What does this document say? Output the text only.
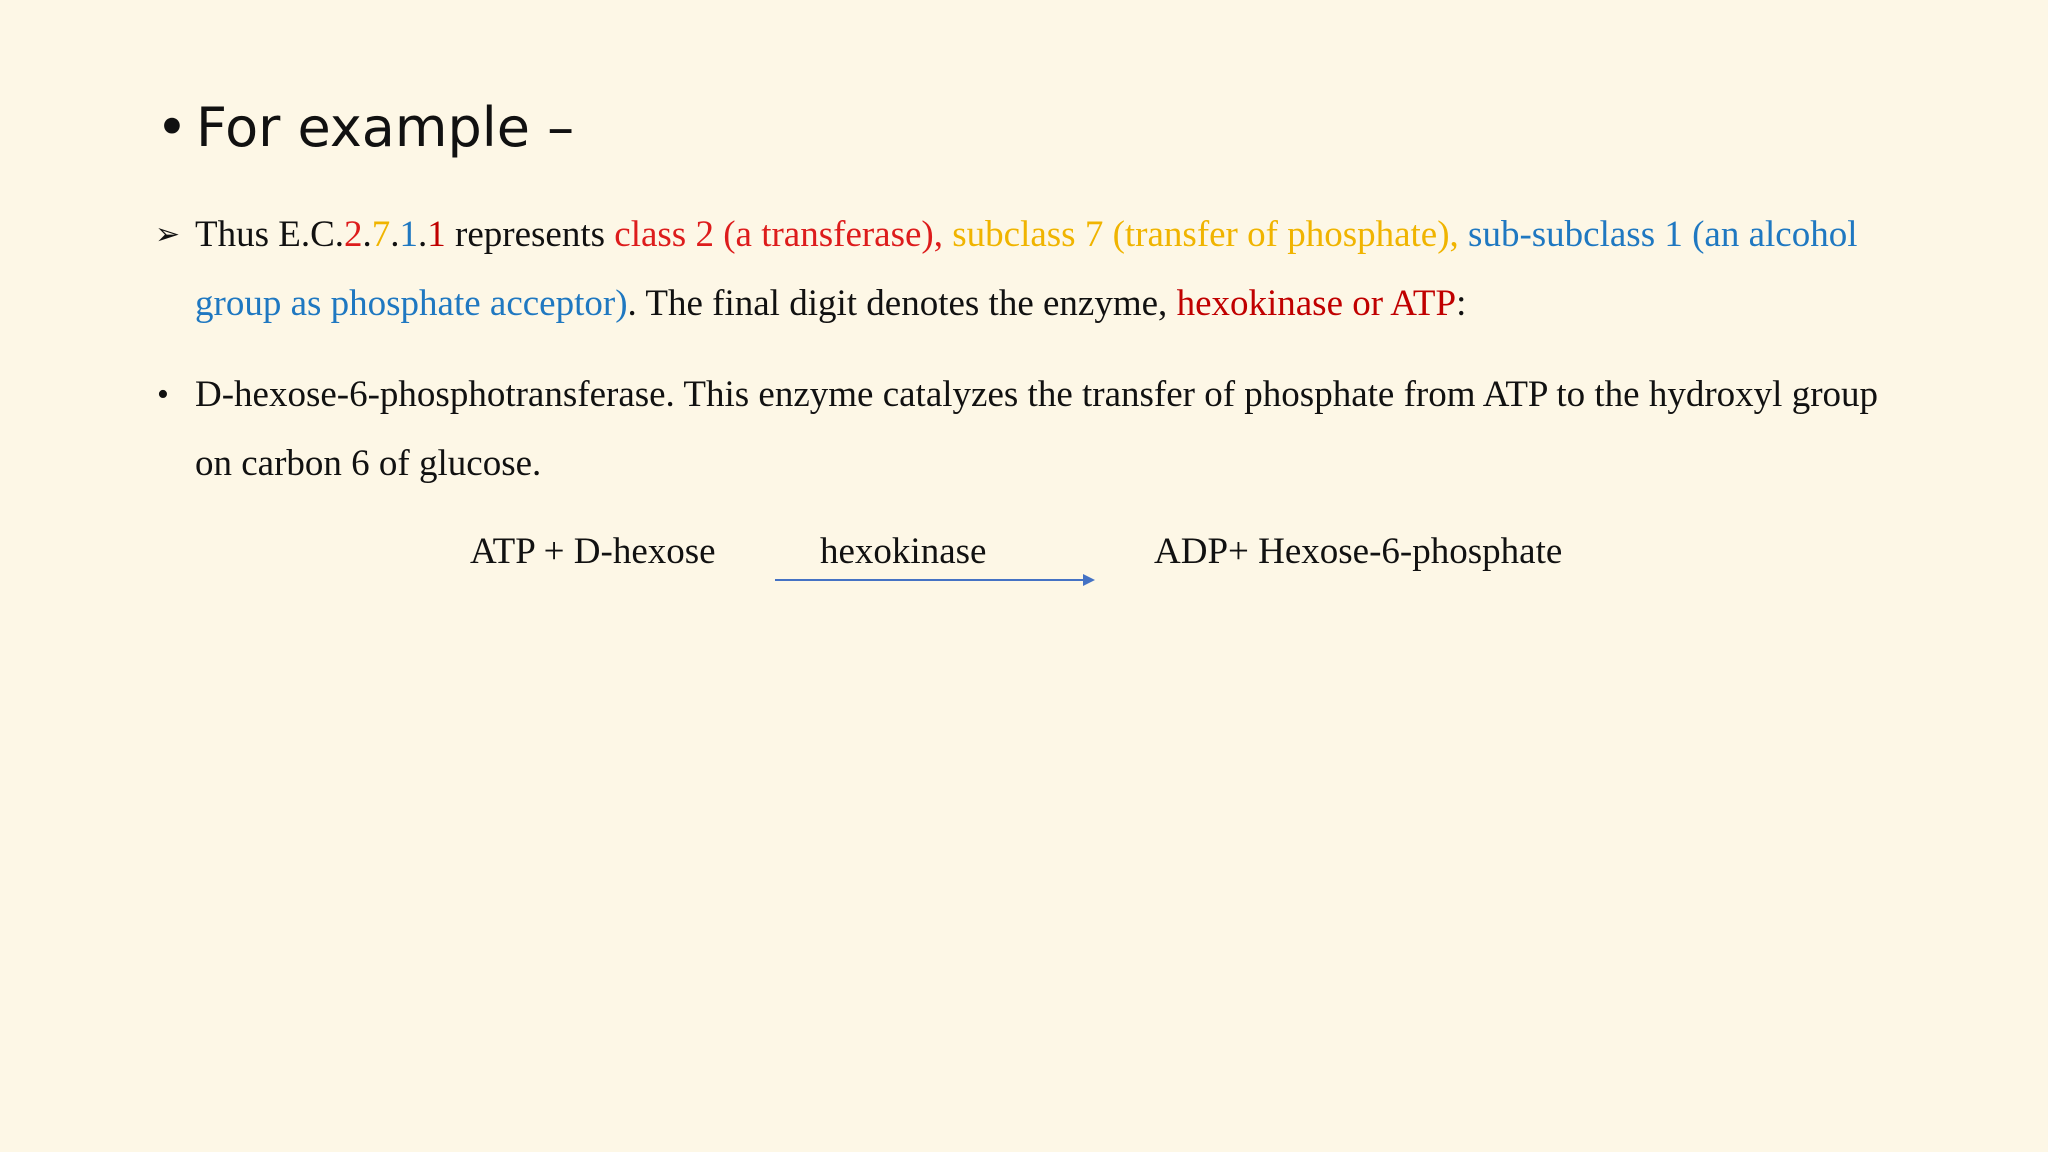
• For example –
➢ Thus E.C.2.7.1.1 represents class 2 (a transferase), subclass 7 (transfer of phosphate), sub-subclass 1 (an alcohol group as phosphate acceptor). The final digit denotes the enzyme, hexokinase or ATP:
• D-hexose-6-phosphotransferase. This enzyme catalyzes the transfer of phosphate from ATP to the hydroxyl group on carbon 6 of glucose.
ATP + D-hexose	hexokinase	ADP+ Hexose-6-phosphate
